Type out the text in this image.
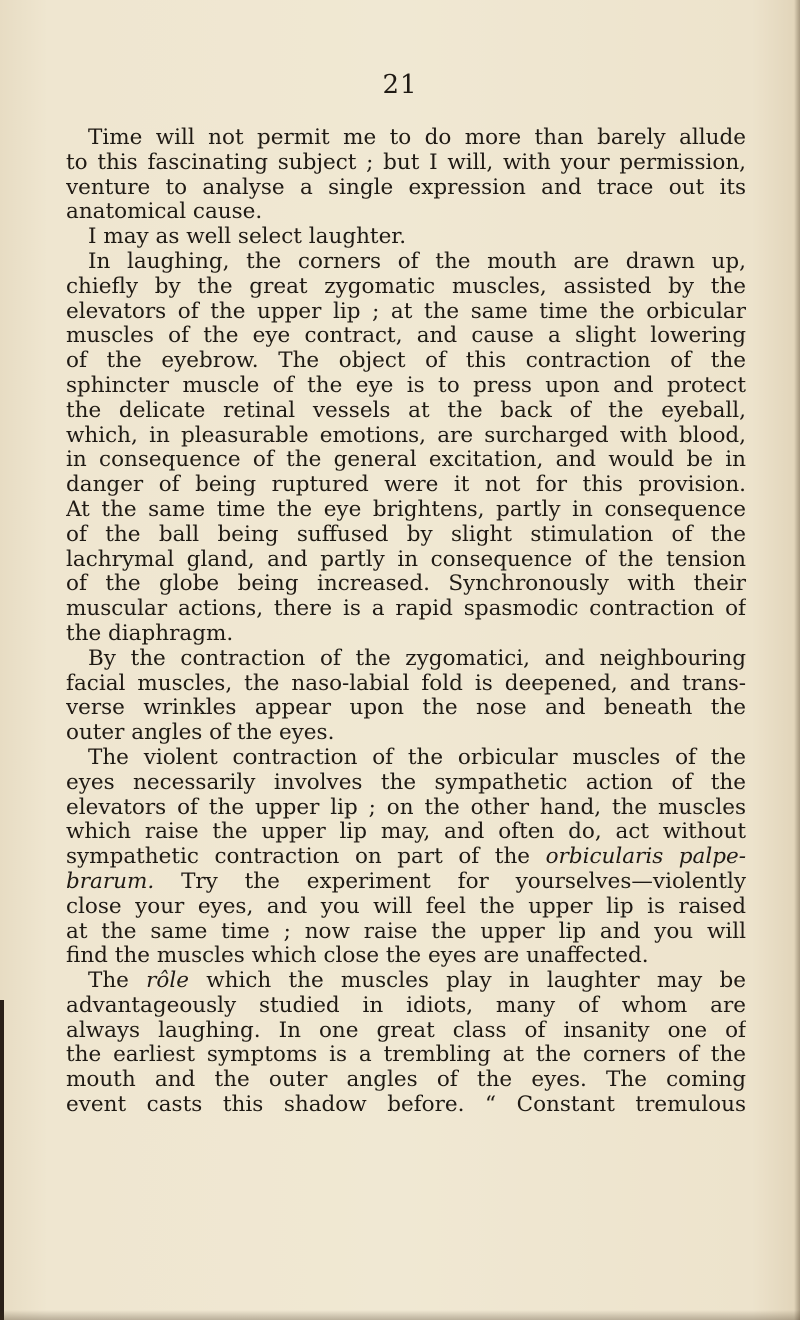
21
Time will not permit me to do more than barely allude
to this fascinating subject ; but I will, with your permission,
venture to analyse a single expression and trace out its
anatomical cause.
I may as well select laughter.
In laughing, the corners of the mouth are drawn up,
chiefly by the great zygomatic muscles, assisted by the
elevators of the upper lip ; at the same time the orbicular
muscles of the eye contract, and cause a slight lowering
of the eyebrow. The object of this contraction of the
sphincter muscle of the eye is to press upon and protect
the delicate retinal vessels at the back of the eyeball,
which, in pleasurable emotions, are surcharged with blood,
in consequence of the general excitation, and would be in
danger of being ruptured were it not for this provision.
At the same time the eye brightens, partly in consequence
of the ball being suffused by slight stimulation of the
lachrymal gland, and partly in consequence of the tension
of the globe being increased. Synchronously with their
muscular actions, there is a rapid spasmodic contraction of
the diaphragm.
By the contraction of the zygomatici, and neighbouring
facial muscles, the naso-labial fold is deepened, and trans-
verse wrinkles appear upon the nose and beneath the
outer angles of the eyes.
The violent contraction of the orbicular muscles of the
eyes necessarily involves the sympathetic action of the
elevators of the upper lip ; on the other hand, the muscles
which raise the upper lip may, and often do, act without
sympathetic contraction on part of the orbicularis palpe-
brarum. Try the experiment for yourselves—violently
close your eyes, and you will feel the upper lip is raised
at the same time ; now raise the upper lip and you will
find the muscles which close the eyes are unaffected.
The rôle which the muscles play in laughter may be
advantageously studied in idiots, many of whom are
always laughing. In one great class of insanity one of
the earliest symptoms is a trembling at the corners of the
mouth and the outer angles of the eyes. The coming
event casts this shadow before. “ Constant tremulous
